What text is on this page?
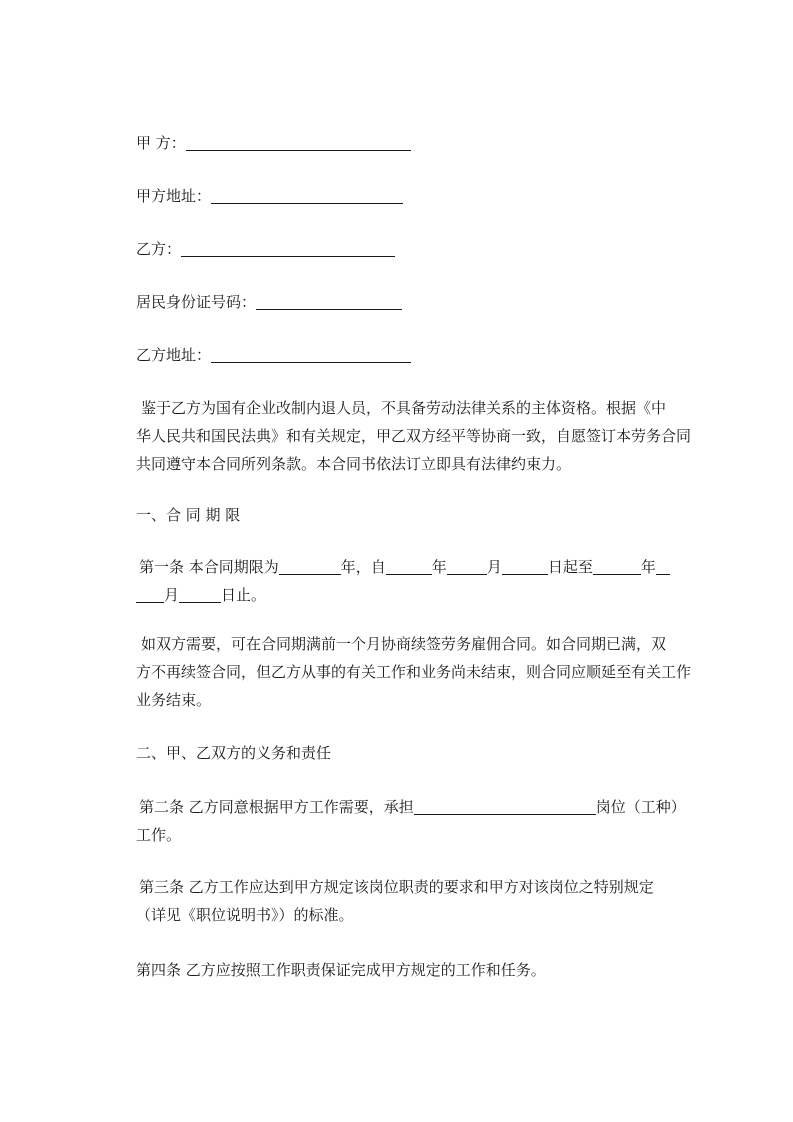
甲 方：
甲方地址：
乙方：
居民身份证号码：
乙方地址：
鉴于乙方为国有企业改制内退人员，不具备劳动法律关系的主体资格。根据《中
华人民共和国民法典》和有关规定，甲乙双方经平等协商一致，自愿签订本劳务合同
共同遵守本合同所列条款。本合同书依法订立即具有法律约束力。
一、合 同 期 限
第一条 本合同期限为	年，自	年	月	日起至	年
月	日止。
如双方需要，可在合同期满前一个月协商续签劳务雇佣合同。如合同期已满，双
方不再续签合同，但乙方从事的有关工作和业务尚未结束，则合同应顺延至有关工作
业务结束。
二、甲、乙双方的义务和责任
第二条 乙方同意根据甲方工作需要，承担	岗位（工种）
工作。
第三条 乙方工作应达到甲方规定该岗位职责的要求和甲方对该岗位之特别规定
（详见《职位说明书》）的标准。
第四条 乙方应按照工作职责保证完成甲方规定的工作和任务。
